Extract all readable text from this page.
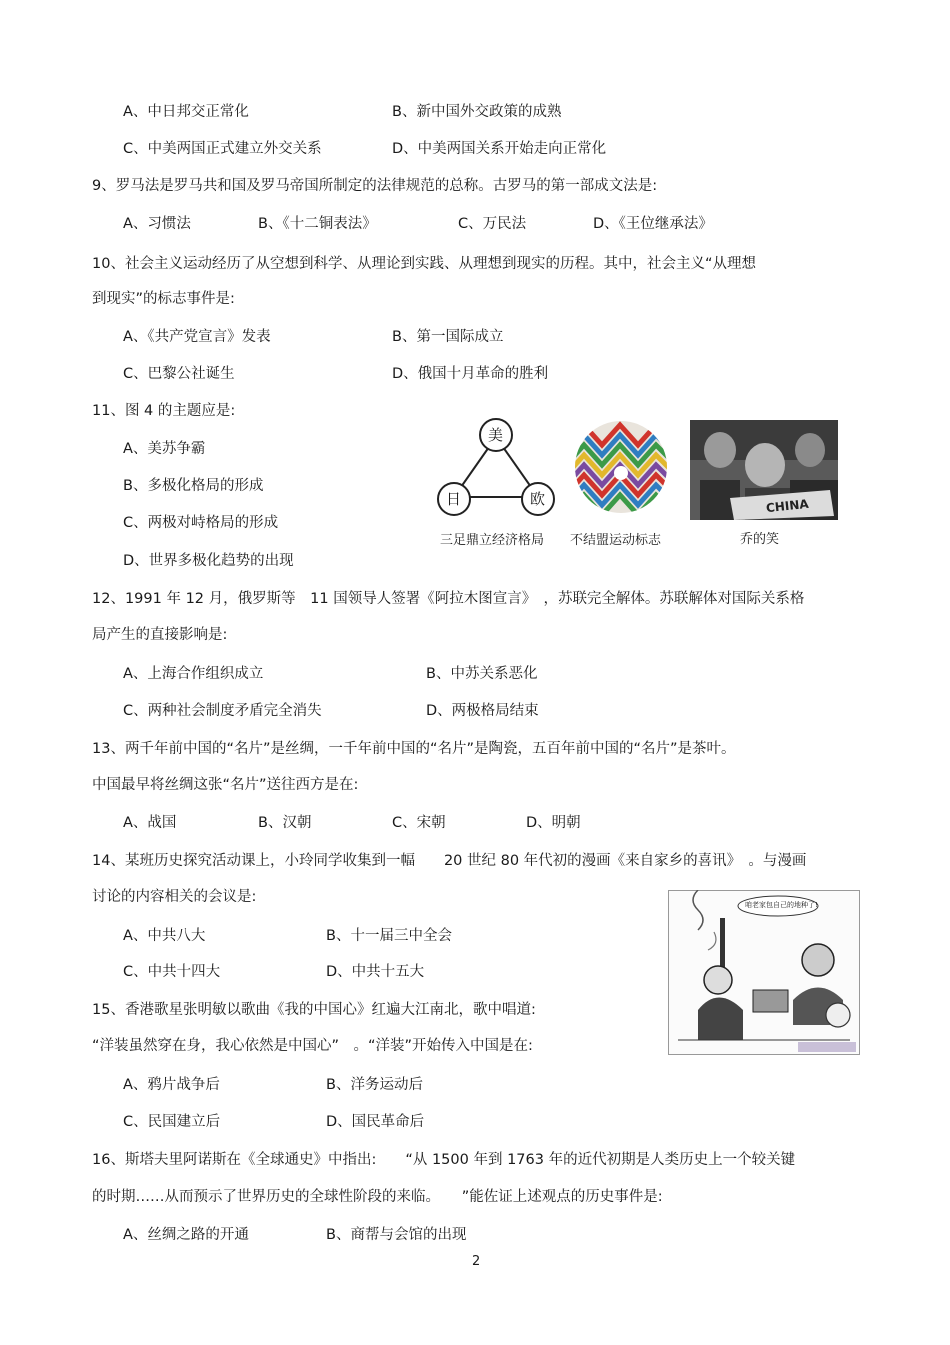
A、中日邦交正常化	B、新中国外交政策的成熟
C、中美两国正式建立外交关系	D、中美两国关系开始走向正常化
9、罗马法是罗马共和国及罗马帝国所制定的法律规范的总称。古罗马的第一部成文法是:
A、习惯法	B、《十二铜表法》	C、万民法	D、《王位继承法》
10、社会主义运动经历了从空想到科学、从理论到实践、从理想到现实的历程。其中，社会主义“从理想
到现实”的标志事件是:
A、《共产党宣言》发表	B、第一国际成立
C、巴黎公社诞生	D、俄国十月革命的胜利
11、图 4 的主题应是:
A、美苏争霸
B、多极化格局的形成
C、两极对峙格局的形成
D、世界多极化趋势的出现
美
日	欧
三足鼎立经济格局 不结盟运动标志
CHINA
乔的笑
12、1991 年 12 月，俄罗斯等　11 国领导人签署《阿拉木图宣言》　，苏联完全解体。苏联解体对国际关系格
局产生的直接影响是:
A、上海合作组织成立	B、中苏关系恶化
C、两种社会制度矛盾完全消失	D、两极格局结束
13、两千年前中国的“名片”是丝绸，一千年前中国的“名片”是陶瓷，五百年前中国的“名片”是茶叶。
中国最早将丝绸这张“名片”送往西方是在:
A、战国	B、汉朝	C、宋朝	D、明朝
14、某班历史探究活动课上，小玲同学收集到一幅　　20 世纪 80 年代初的漫画《来自家乡的喜讯》　。与漫画
讨论的内容相关的会议是:
A、中共八大	B、十一届三中全会
C、中共十四大	D、中共十五大
咱老家包自己的地种了!
15、香港歌星张明敏以歌曲《我的中国心》红遍大江南北，歌中唱道:
“洋装虽然穿在身，我心依然是中国心”　。“洋装”开始传入中国是在:
A、鸦片战争后	B、洋务运动后
C、民国建立后	D、国民革命后
16、斯塔夫里阿诺斯在《全球通史》中指出:　　“从 1500 年到 1763 年的近代初期是人类历史上一个较关键
的时期……从而预示了世界历史的全球性阶段的来临。　　”能佐证上述观点的历史事件是:
A、丝绸之路的开通	B、商帮与会馆的出现
2
